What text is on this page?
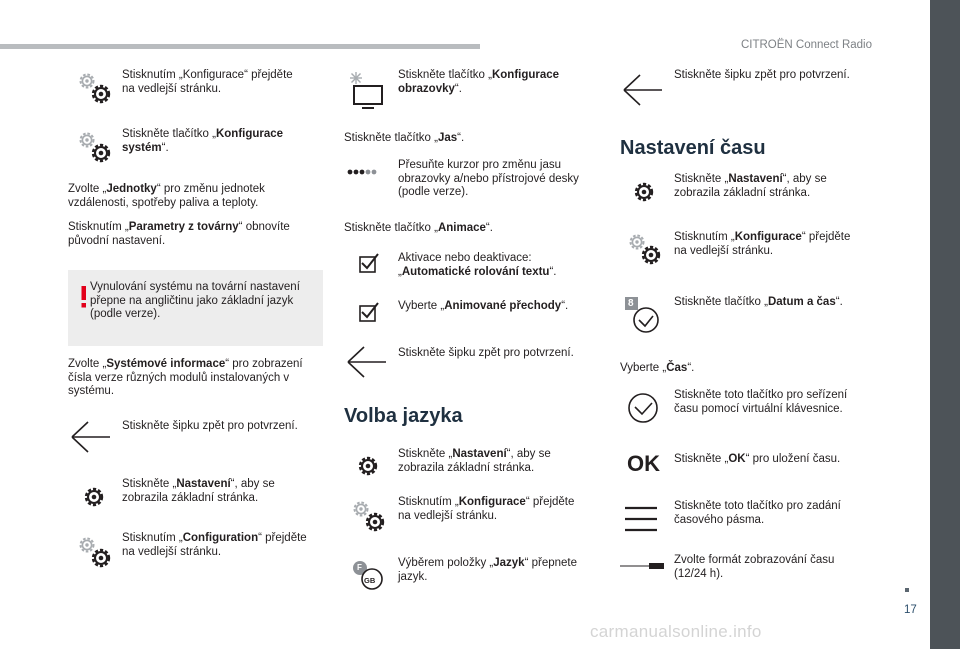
CITROËN Connect Radio
17
carmanualsonline.info
Stisknutím „Konfigurace“ přejděte
na vedlejší stránku.
Stiskněte tlačítko „Konfigurace
systém“.
Zvolte „Jednotky“ pro změnu jednotek
vzdálenosti, spotřeby paliva a teploty.
Stisknutím „Parametry z továrny“ obnovíte
původní nastavení.
Vynulování systému na tovární nastavení
přepne na angličtinu jako základní jazyk
(podle verze).
Zvolte „Systémové informace“ pro zobrazení
čísla verze různých modulů instalovaných v
systému.
Stiskněte šipku zpět pro potvrzení.
Stiskněte „Nastavení“, aby se
zobrazila základní stránka.
Stisknutím „Configuration“ přejděte
na vedlejší stránku.
Stiskněte tlačítko „Konfigurace
obrazovky“.
Stiskněte tlačítko „Jas“.
Přesuňte kurzor pro změnu jasu
obrazovky a/nebo přístrojové desky
(podle verze).
Stiskněte tlačítko „Animace“.
Aktivace nebo deaktivace:
„Automatické rolování textu“.
Vyberte „Animované přechody“.
Stiskněte šipku zpět pro potvrzení.
Volba jazyka
Stiskněte „Nastavení“, aby se
zobrazila základní stránka.
Stisknutím „Konfigurace“ přejděte
na vedlejší stránku.
F
GB
Výběrem položky „Jazyk“ přepnete
jazyk.
Stiskněte šipku zpět pro potvrzení.
Nastavení času
Stiskněte „Nastavení“, aby se
zobrazila základní stránka.
Stisknutím „Konfigurace“ přejděte
na vedlejší stránku.
8	Stiskněte tlačítko „Datum a čas“.
Vyberte „Čas“.
Stiskněte toto tlačítko pro seřízení
času pomocí virtuální klávesnice.
OK Stiskněte „OK“ pro uložení času.
Stiskněte toto tlačítko pro zadání
časového pásma.
Zvolte formát zobrazování času
(12/24 h).
